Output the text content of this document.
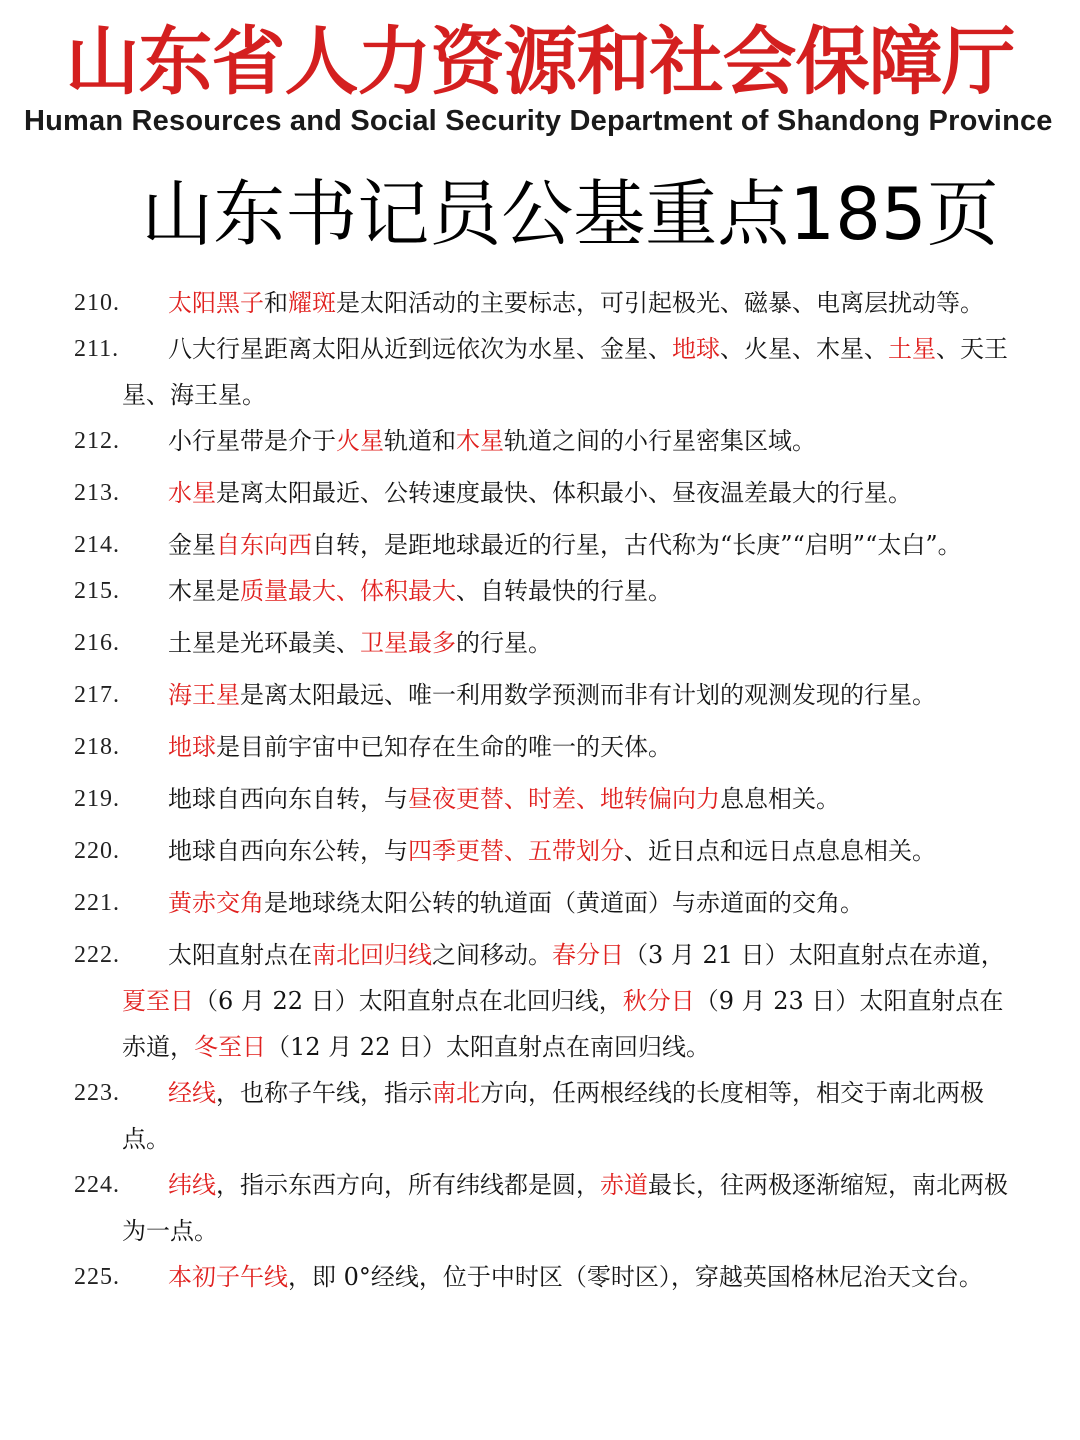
山东省人力资源和社会保障厅
Human Resources and Social Security Department of Shandong Province
山东书记员公基重点185页
210.	太阳黑子和耀斑是太阳活动的主要标志，可引起极光、磁暴、电离层扰动等。
211.	八大行星距离太阳从近到远依次为水星、金星、地球、火星、木星、土星、天王星、海王星。
212.	小行星带是介于火星轨道和木星轨道之间的小行星密集区域。
213.	水星是离太阳最近、公转速度最快、体积最小、昼夜温差最大的行星。
214.	金星自东向西自转，是距地球最近的行星，古代称为“长庚”“启明”“太白”。
215.	木星是质量最大、体积最大、自转最快的行星。
216.	土星是光环最美、卫星最多的行星。
217.	海王星是离太阳最远、唯一利用数学预测而非有计划的观测发现的行星。
218.	地球是目前宇宙中已知存在生命的唯一的天体。
219.	地球自西向东自转，与昼夜更替、时差、地转偏向力息息相关。
220.	地球自西向东公转，与四季更替、五带划分、近日点和远日点息息相关。
221.	黄赤交角是地球绕太阳公转的轨道面（黄道面）与赤道面的交角。
222.	太阳直射点在南北回归线之间移动。春分日（3 月 21 日）太阳直射点在赤道，夏至日（6 月 22 日）太阳直射点在北回归线，秋分日（9 月 23 日）太阳直射点在赤道，冬至日（12 月 22 日）太阳直射点在南回归线。
223.	经线，也称子午线，指示南北方向，任两根经线的长度相等，相交于南北两极点。
224.	纬线，指示东西方向，所有纬线都是圆，赤道最长，往两极逐渐缩短，南北两极为一点。
225.	本初子午线，即 0°经线，位于中时区（零时区），穿越英国格林尼治天文台。
